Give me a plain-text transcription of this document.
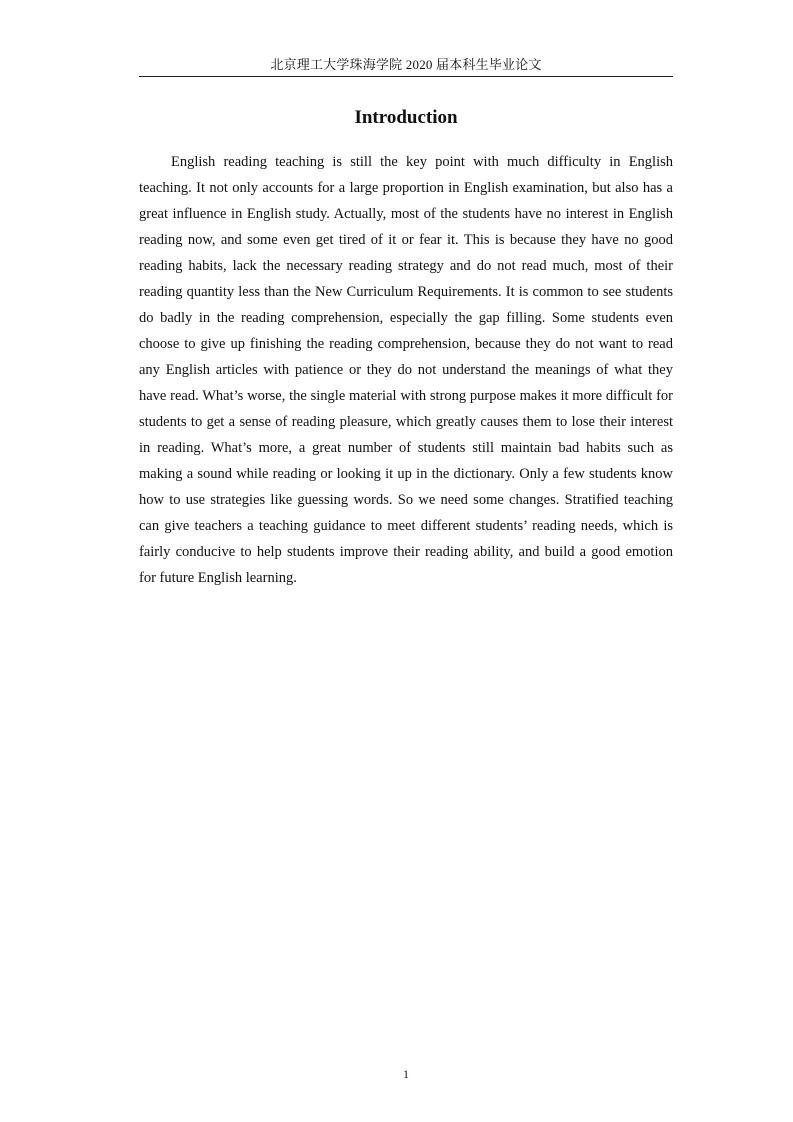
北京理工大学珠海学院 2020 届本科生毕业论文
Introduction

English reading teaching is still the key point with much difficulty in English teaching. It not only accounts for a large proportion in English examination, but also has a great influence in English study. Actually, most of the students have no interest in English reading now, and some even get tired of it or fear it. This is because they have no good reading habits, lack the necessary reading strategy and do not read much, most of their reading quantity less than the New Curriculum Requirements. It is common to see students do badly in the reading comprehension, especially the gap filling. Some students even choose to give up finishing the reading comprehension, because they do not want to read any English articles with patience or they do not understand the meanings of what they have read. What’s worse, the single material with strong purpose makes it more difficult for students to get a sense of reading pleasure, which greatly causes them to lose their interest in reading. What’s more, a great number of students still maintain bad habits such as making a sound while reading or looking it up in the dictionary. Only a few students know how to use strategies like guessing words. So we need some changes. Stratified teaching can give teachers a teaching guidance to meet different students’ reading needs, which is fairly conducive to help students improve their reading ability, and build a good emotion for future English learning.

1
